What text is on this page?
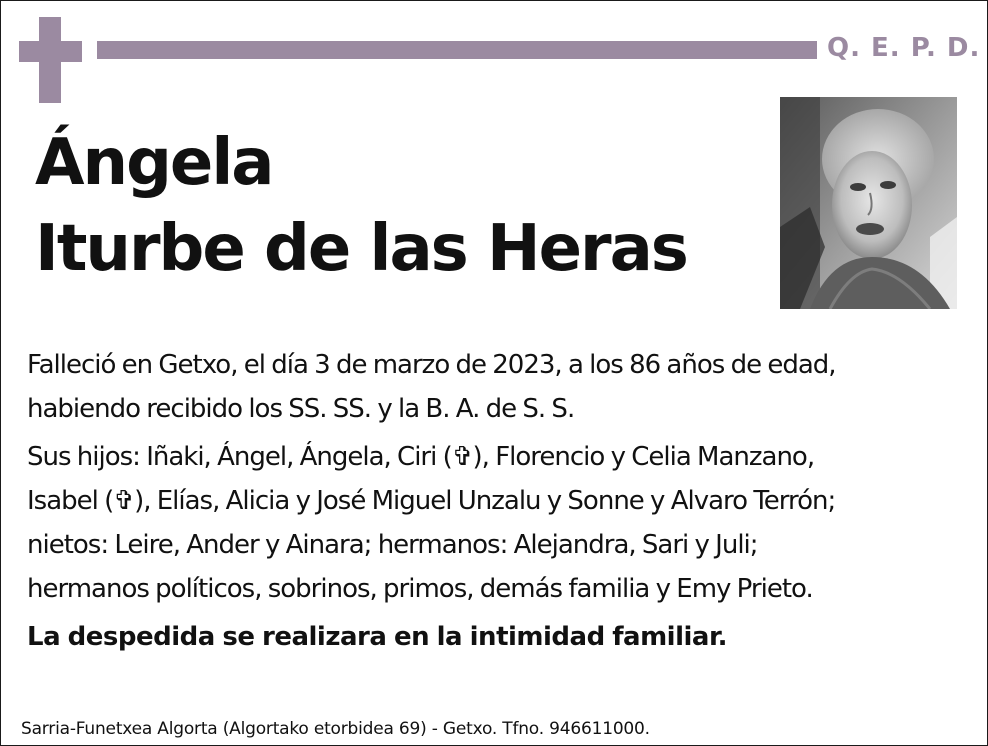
Q. E. P. D.
Ángela
Iturbe de las Heras
Falleció en Getxo, el día 3 de marzo de 2023, a los 86 años de edad,
habiendo recibido los SS. SS. y la B. A. de S. S.
Sus hijos: Iñaki, Ángel, Ángela, Ciri (✞), Florencio y Celia Manzano,
Isabel (✞), Elías, Alicia y José Miguel Unzalu y Sonne y Alvaro Terrón;
nietos: Leire, Ander y Ainara; hermanos: Alejandra, Sari y Juli;
hermanos políticos, sobrinos, primos, demás familia y Emy Prieto.
La despedida se realizara en la intimidad familiar.
Sarria-Funetxea Algorta (Algortako etorbidea 69) - Getxo. Tfno. 946611000.
